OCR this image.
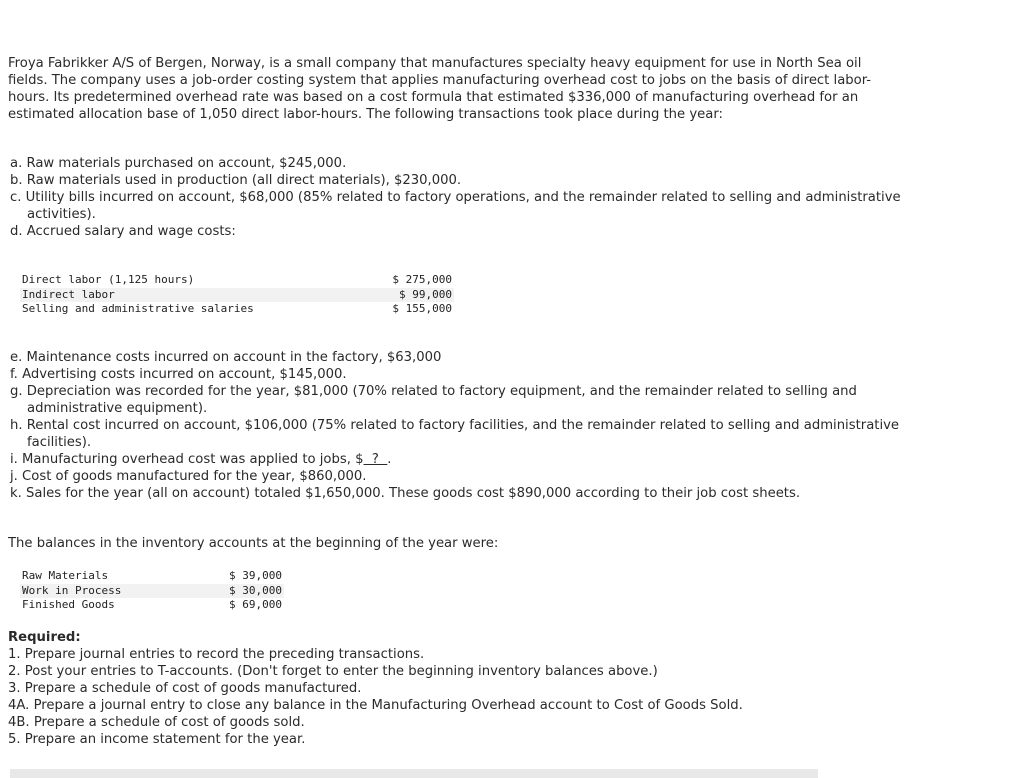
Froya Fabrikker A/S of Bergen, Norway, is a small company that manufactures specialty heavy equipment for use in North Sea oil fields. The company uses a job-order costing system that applies manufacturing overhead cost to jobs on the basis of direct labor-hours. Its predetermined overhead rate was based on a cost formula that estimated $336,000 of manufacturing overhead for an estimated allocation base of 1,050 direct labor-hours. The following transactions took place during the year:

a. Raw materials purchased on account, $245,000.
b. Raw materials used in production (all direct materials), $230,000.
c. Utility bills incurred on account, $68,000 (85% related to factory operations, and the remainder related to selling and administrative activities).
d. Accrued salary and wage costs:
Direct labor (1,125 hours)	$ 275,000
Indirect labor	$ 99,000
Selling and administrative salaries	$ 155,000
e. Maintenance costs incurred on account in the factory, $63,000
f. Advertising costs incurred on account, $145,000.
g. Depreciation was recorded for the year, $81,000 (70% related to factory equipment, and the remainder related to selling and administrative equipment).
h. Rental cost incurred on account, $106,000 (75% related to factory facilities, and the remainder related to selling and administrative facilities).
i. Manufacturing overhead cost was applied to jobs, $  ?  .
j. Cost of goods manufactured for the year, $860,000.
k. Sales for the year (all on account) totaled $1,650,000. These goods cost $890,000 according to their job cost sheets.

The balances in the inventory accounts at the beginning of the year were:

Raw Materials	$ 39,000
Work in Process	$ 30,000
Finished Goods	$ 69,000

Required:

1. Prepare journal entries to record the preceding transactions.
2. Post your entries to T-accounts. (Don't forget to enter the beginning inventory balances above.)
3. Prepare a schedule of cost of goods manufactured.
4A. Prepare a journal entry to close any balance in the Manufacturing Overhead account to Cost of Goods Sold.
4B. Prepare a schedule of cost of goods sold.
5. Prepare an income statement for the year.
